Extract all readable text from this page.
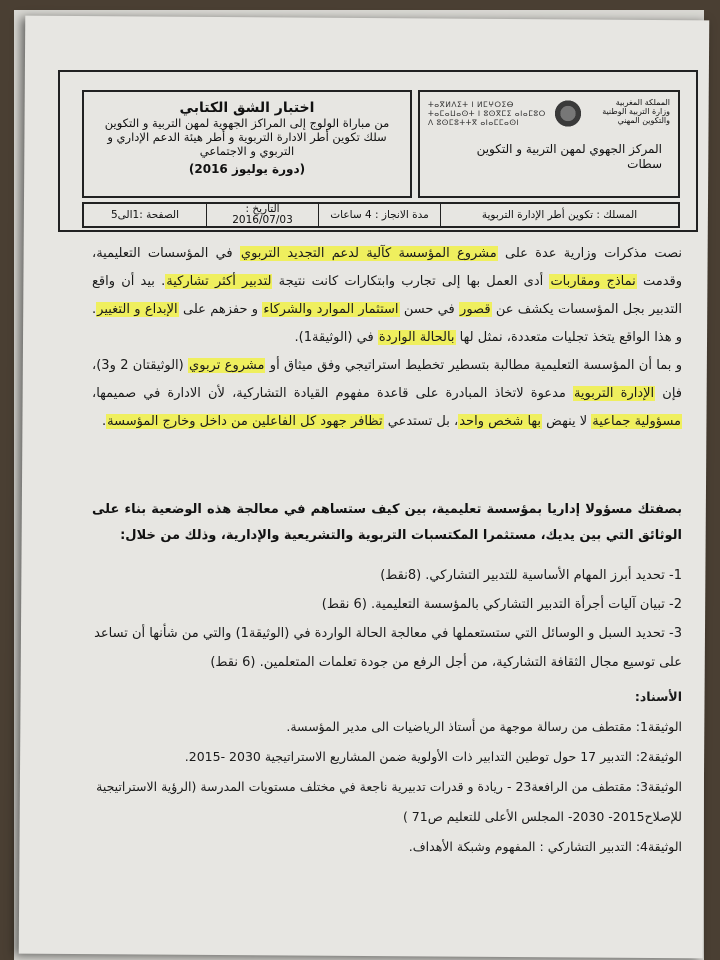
اختبار الشق الكتابي
من مباراة الولوج إلى المراكز الجهوية لمهن التربية و التكوين
سلك تكوين أطر الادارة التربوية و أطر هيئة الدعم الإداري و
التربوي و الاجتماعي
(دورة يوليوز 2016)
المملكة المغربية
وزارة التربية الوطنية
والتكوين المهني
ⵜⴰⴳⵍⴷⵉⵜ ⵏ ⵍⵎⵖⵔⵉⴱ
ⵜⴰⵎⴰⵡⴰⵙⵜ ⵏ ⵓⵙⴳⵎⵉ ⴰⵏⴰⵎⵓⵔ
ⴷ ⵓⵙⵎⵓⵜⵜⴳ ⴰⵏⴰⵎⵎⴰⵙⵏ
المركز الجهوي لمهن التربية و التكوين
سطات
المسلك : تكوين أطر الإدارة التربوية
مدة الانجاز : 4 ساعات
التاريخ :
2016/07/03
الصفحة :1الى5

نصت مذكرات وزارية عدة على مشروع المؤسسة كآلية لدعم التجديد التربوي في المؤسسات التعليمية، وقدمت نماذج ومقاربات أدى العمل بها إلى تجارب وابتكارات كانت نتيجة لتدبير أكثر تشاركية. بيد أن واقع التدبير بجل المؤسسات يكشف عن قصور في حسن استثمار الموارد والشركاء و حفزهم على الإبداع و التغيير. و هذا الواقع يتخذ تجليات متعددة، نمثل لها بالحالة الواردة في (الوثيقة1).

و بما أن المؤسسة التعليمية مطالبة بتسطير تخطيط استراتيجي وفق ميثاق أو مشروع تربوي (الوثيقتان 2 و3)، فإن الإدارة التربوية مدعوة لاتخاذ المبادرة على قاعدة مفهوم القيادة التشاركية، لأن الادارة في صميمها، مسؤولية جماعية لا ينهض بها شخص واحد، بل تستدعي تظافر جهود كل الفاعلين من داخل وخارج المؤسسة.

بصفتك مسؤولا إداريا بمؤسسة تعليمية، بين كيف ستساهم في معالجة هذه الوضعية بناء على الوثائق التي بين يديك، مستثمرا المكتسبات التربوية والتشريعية والإدارية، وذلك من خلال:

1- تحديد أبرز المهام الأساسية للتدبير التشاركي. (8نقط)

2- تبيان آليات أجرأة التدبير التشاركي بالمؤسسة التعليمية. (6 نقط)

3- تحديد السبل و الوسائل التي ستستعملها في معالجة الحالة الواردة في (الوثيقة1) والتي من شأنها أن تساعد على توسيع مجال الثقافة التشاركية، من أجل الرفع من جودة تعلمات المتعلمين. (6 نقط)

الأسناد:

الوثيقة1: مقتطف من رسالة موجهة من أستاذ الرياضيات الى مدير المؤسسة.

الوثيقة2: التدبير 17 حول توطين التدابير ذات الأولوية ضمن المشاريع الاستراتيجية 2030 -2015.

الوثيقة3: مقتطف من الرافعة23 - ريادة و قدرات تدبيرية ناجعة في مختلف مستويات المدرسة (الرؤية الاستراتيجية للإصلاح2015- 2030- المجلس الأعلى للتعليم ص71 )

الوثيقة4: التدبير التشاركي : المفهوم وشبكة الأهداف.
